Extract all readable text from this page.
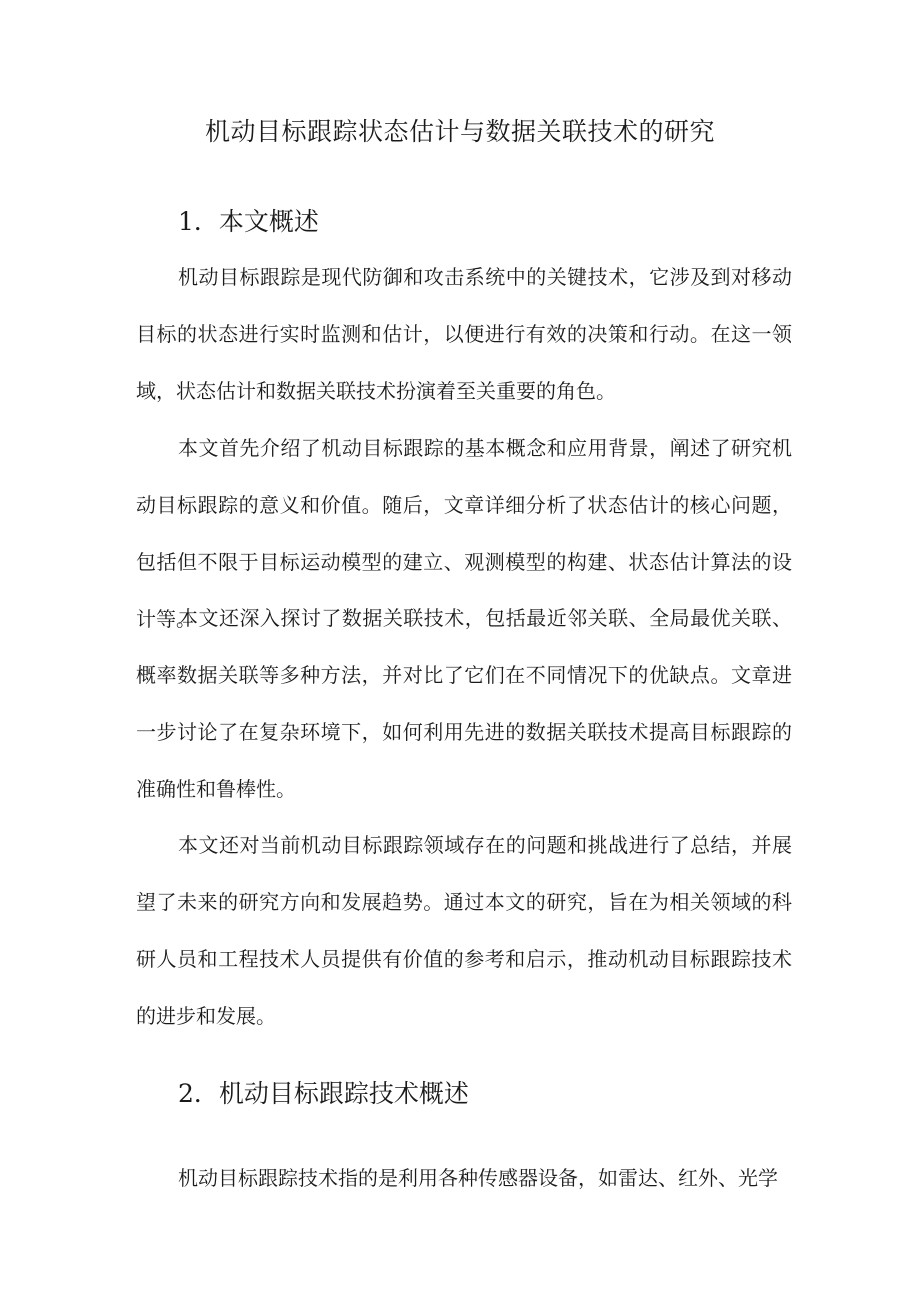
机动目标跟踪状态估计与数据关联技术的研究
1．本文概述

机动目标跟踪是现代防御和攻击系统中的关键技术，它涉及到对移动目标的状态进行实时监测和估计，以便进行有效的决策和行动。在这一领域，状态估计和数据关联技术扮演着至关重要的角色。

本文首先介绍了机动目标跟踪的基本概念和应用背景，阐述了研究机动目标跟踪的意义和价值。随后，文章详细分析了状态估计的核心问题，包括但不限于目标运动模型的建立、观测模型的构建、状态估计算法的设计等。

本文还深入探讨了数据关联技术，包括最近邻关联、全局最优关联、概率数据关联等多种方法，并对比了它们在不同情况下的优缺点。文章进一步讨论了在复杂环境下，如何利用先进的数据关联技术提高目标跟踪的准确性和鲁棒性。

本文还对当前机动目标跟踪领域存在的问题和挑战进行了总结，并展望了未来的研究方向和发展趋势。通过本文的研究，旨在为相关领域的科研人员和工程技术人员提供有价值的参考和启示，推动机动目标跟踪技术的进步和发展。

2．机动目标跟踪技术概述

机动目标跟踪技术指的是利用各种传感器设备，如雷达、红外、光学
